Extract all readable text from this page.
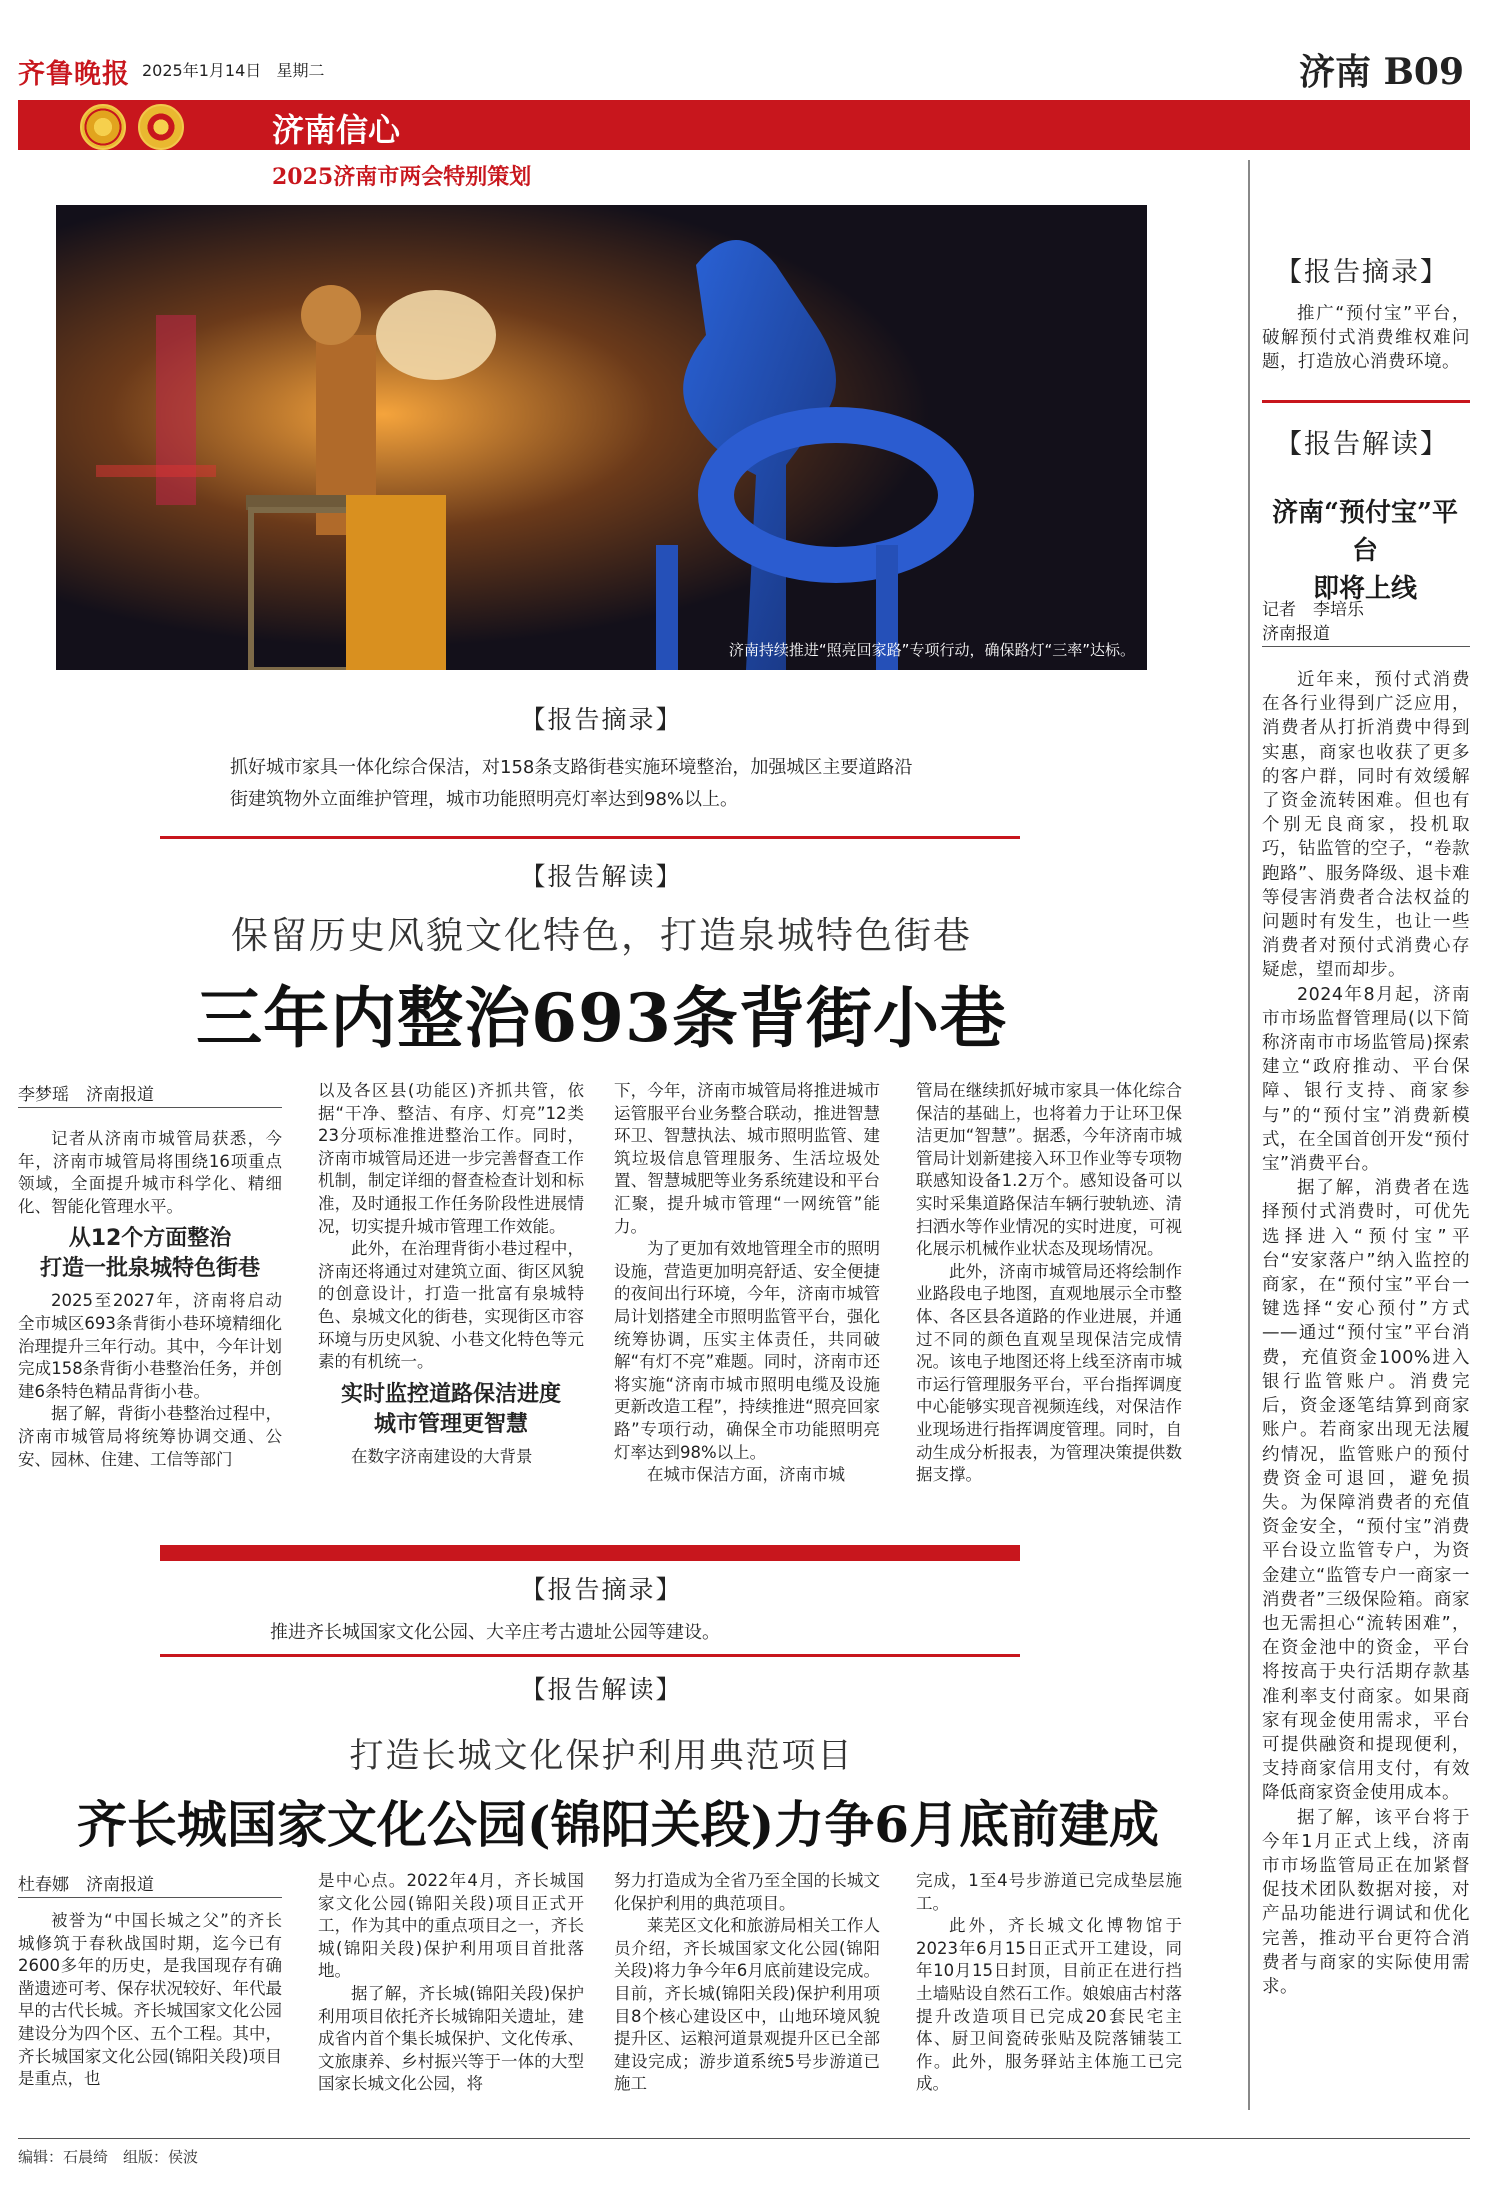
齐鲁晚报 2025年1月14日 星期二	济南 B09
济南信心
2025济南市两会特别策划
济南持续推进“照亮回家路”专项行动，确保路灯“三率”达标。
【报告摘录】
抓好城市家具一体化综合保洁，对158条支路街巷实施环境整治，加强城区主要道路沿街建筑物外立面维护管理，城市功能照明亮灯率达到98%以上。
【报告解读】
保留历史风貌文化特色，打造泉城特色街巷
三年内整治693条背街小巷
李梦瑶　济南报道

记者从济南市城管局获悉，今年，济南市城管局将围绕16项重点领域，全面提升城市科学化、精细化、智能化管理水平。

从12个方面整治
打造一批泉城特色街巷

2025至2027年，济南将启动全市城区693条背街小巷环境精细化治理提升三年行动。其中，今年计划完成158条背街小巷整治任务，并创建6条特色精品背街小巷。

据了解，背街小巷整治过程中，济南市城管局将统筹协调交通、公安、园林、住建、工信等部门

以及各区县(功能区)齐抓共管，依据“干净、整洁、有序、灯亮”12类23分项标准推进整治工作。同时，济南市城管局还进一步完善督查工作机制，制定详细的督查检查计划和标准，及时通报工作任务阶段性进展情况，切实提升城市管理工作效能。

此外，在治理背街小巷过程中，济南还将通过对建筑立面、街区风貌的创意设计，打造一批富有泉城特色、泉城文化的街巷，实现街区市容环境与历史风貌、小巷文化特色等元素的有机统一。

实时监控道路保洁进度
城市管理更智慧

在数字济南建设的大背景

下，今年，济南市城管局将推进城市运管服平台业务整合联动，推进智慧环卫、智慧执法、城市照明监管、建筑垃圾信息管理服务、生活垃圾处置、智慧城肥等业务系统建设和平台汇聚，提升城市管理“一网统管”能力。

为了更加有效地管理全市的照明设施，营造更加明亮舒适、安全便捷的夜间出行环境，今年，济南市城管局计划搭建全市照明监管平台，强化统筹协调，压实主体责任，共同破解“有灯不亮”难题。同时，济南市还将实施“济南市城市照明电缆及设施更新改造工程”，持续推进“照亮回家路”专项行动，确保全市功能照明亮灯率达到98%以上。

在城市保洁方面，济南市城

管局在继续抓好城市家具一体化综合保洁的基础上，也将着力于让环卫保洁更加“智慧”。据悉，今年济南市城管局计划新建接入环卫作业等专项物联感知设备1.2万个。感知设备可以实时采集道路保洁车辆行驶轨迹、清扫洒水等作业情况的实时进度，可视化展示机械作业状态及现场情况。

此外，济南市城管局还将绘制作业路段电子地图，直观地展示全市整体、各区县各道路的作业进展，并通过不同的颜色直观呈现保洁完成情况。该电子地图还将上线至济南市城市运行管理服务平台，平台指挥调度中心能够实现音视频连线，对保洁作业现场进行指挥调度管理。同时，自动生成分析报表，为管理决策提供数据支撑。

【报告摘录】
推进齐长城国家文化公园、大辛庄考古遗址公园等建设。
【报告解读】
打造长城文化保护利用典范项目
齐长城国家文化公园(锦阳关段)力争6月底前建成
杜春娜　济南报道

被誉为“中国长城之父”的齐长城修筑于春秋战国时期，迄今已有2600多年的历史，是我国现存有确凿遗迹可考、保存状况较好、年代最早的古代长城。齐长城国家文化公园建设分为四个区、五个工程。其中，齐长城国家文化公园(锦阳关段)项目是重点，也

是中心点。2022年4月，齐长城国家文化公园(锦阳关段)项目正式开工，作为其中的重点项目之一，齐长城(锦阳关段)保护利用项目首批落地。

据了解，齐长城(锦阳关段)保护利用项目依托齐长城锦阳关遗址，建成省内首个集长城保护、文化传承、文旅康养、乡村振兴等于一体的大型国家长城文化公园，将

努力打造成为全省乃至全国的长城文化保护利用的典范项目。

莱芜区文化和旅游局相关工作人员介绍，齐长城国家文化公园(锦阳关段)将力争今年6月底前建设完成。目前，齐长城(锦阳关段)保护利用项目8个核心建设区中，山地环境风貌提升区、运粮河道景观提升区已全部建设完成；游步道系统5号步游道已施工

完成，1至4号步游道已完成垫层施工。

此外，齐长城文化博物馆于2023年6月15日正式开工建设，同年10月15日封顶，目前正在进行挡土墙贴设自然石工作。娘娘庙古村落提升改造项目已完成20套民宅主体、厨卫间瓷砖张贴及院落铺装工作。此外，服务驿站主体施工已完成。

【报告摘录】

推广“预付宝”平台，破解预付式消费维权难问题，打造放心消费环境。

【报告解读】
济南“预付宝”平台
即将上线
记者　李培乐
济南报道

近年来，预付式消费在各行业得到广泛应用，消费者从打折消费中得到实惠，商家也收获了更多的客户群，同时有效缓解了资金流转困难。但也有个别无良商家，投机取巧，钻监管的空子，“卷款跑路”、服务降级、退卡难等侵害消费者合法权益的问题时有发生，也让一些消费者对预付式消费心存疑虑，望而却步。

2024年8月起，济南市市场监督管理局(以下简称济南市市场监管局)探索建立“政府推动、平台保障、银行支持、商家参与”的“预付宝”消费新模式，在全国首创开发“预付宝”消费平台。

据了解，消费者在选择预付式消费时，可优先选择进入“预付宝”平台“安家落户”纳入监控的商家，在“预付宝”平台一键选择“安心预付”方式——通过“预付宝”平台消费，充值资金100%进入银行监管账户。消费完后，资金逐笔结算到商家账户。若商家出现无法履约情况，监管账户的预付费资金可退回，避免损失。为保障消费者的充值资金安全，“预付宝”消费平台设立监管专户，为资金建立“监管专户一商家一消费者”三级保险箱。商家也无需担心“流转困难”，在资金池中的资金，平台将按高于央行活期存款基准利率支付商家。如果商家有现金使用需求，平台可提供融资和提现便利，支持商家信用支付，有效降低商家资金使用成本。

据了解，该平台将于今年1月正式上线，济南市市场监管局正在加紧督促技术团队数据对接，对产品功能进行调试和优化完善，推动平台更符合消费者与商家的实际使用需求。

编辑：石晨绮　组版：侯波
